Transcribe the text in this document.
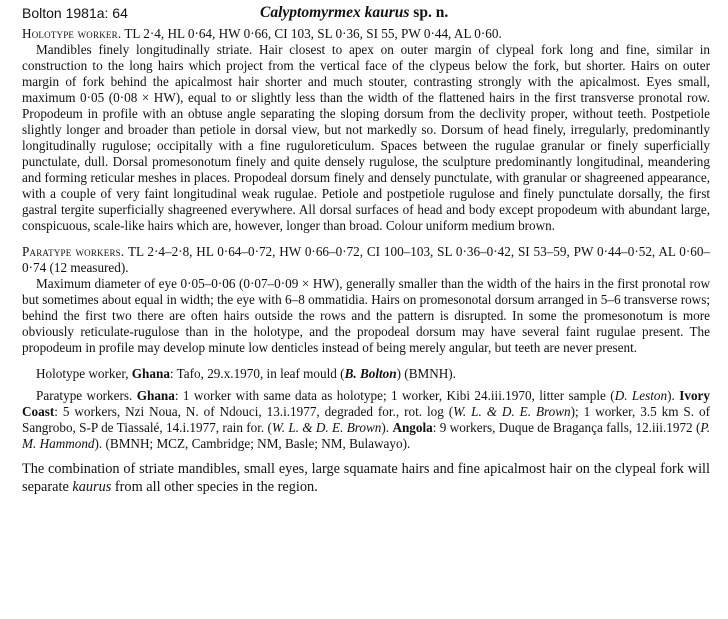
Bolton 1981a: 64	Calyptomyrmex kaurus sp. n.

Holotype worker. TL 2·4, HL 0·64, HW 0·66, CI 103, SL 0·36, SI 55, PW 0·44, AL 0·60.

Mandibles finely longitudinally striate. Hair closest to apex on outer margin of clypeal fork long and fine, similar in construction to the long hairs which project from the vertical face of the clypeus below the fork, but shorter. Hairs on outer margin of fork behind the apicalmost hair shorter and much stouter, contrasting strongly with the apicalmost. Eyes small, maximum 0·05 (0·08 × HW), equal to or slightly less than the width of the flattened hairs in the first transverse pronotal row. Propodeum in profile with an obtuse angle separating the sloping dorsum from the declivity proper, without teeth. Postpetiole slightly longer and broader than petiole in dorsal view, but not markedly so. Dorsum of head finely, irregularly, predominantly longitudinally rugulose; occipitally with a fine ruguloreticulum. Spaces between the rugulae granular or finely superficially punctulate, dull. Dorsal promesonotum finely and quite densely rugulose, the sculpture predominantly longitudinal, meandering and forming reticular meshes in places. Propodeal dorsum finely and densely punctulate, with granular or shagreened appearance, with a couple of very faint longitudinal weak rugulae. Petiole and postpetiole rugulose and finely punctulate dorsally, the first gastral tergite superficially shagreened everywhere. All dorsal surfaces of head and body except propodeum with abundant large, conspicuous, scale-like hairs which are, however, longer than broad. Colour uniform medium brown.

Paratype workers. TL 2·4–2·8, HL 0·64–0·72, HW 0·66–0·72, CI 100–103, SL 0·36–0·42, SI 53–59, PW 0·44–0·52, AL 0·60–0·74 (12 measured).

Maximum diameter of eye 0·05–0·06 (0·07–0·09 × HW), generally smaller than the width of the hairs in the first pronotal row but sometimes about equal in width; the eye with 6–8 ommatidia. Hairs on promesonotal dorsum arranged in 5–6 transverse rows; behind the first two there are often hairs outside the rows and the pattern is disrupted. In some the promesonotum is more obviously reticulate-rugulose than in the holotype, and the propodeal dorsum may have several faint rugulae present. The propodeum in profile may develop minute low denticles instead of being merely angular, but teeth are never present.

Holotype worker, Ghana: Tafo, 29.x.1970, in leaf mould (B. Bolton) (BMNH).

Paratype workers. Ghana: 1 worker with same data as holotype; 1 worker, Kibi 24.iii.1970, litter sample (D. Leston). Ivory Coast: 5 workers, Nzi Noua, N. of Ndouci, 13.i.1977, degraded for., rot. log (W. L. & D. E. Brown); 1 worker, 3.5 km S. of Sangrobo, S-P de Tiassalé, 14.i.1977, rain for. (W. L. & D. E. Brown). Angola: 9 workers, Duque de Bragança falls, 12.iii.1972 (P. M. Hammond). (BMNH; MCZ, Cambridge; NM, Basle; NM, Bulawayo).

The combination of striate mandibles, small eyes, large squamate hairs and fine apicalmost hair on the clypeal fork will separate kaurus from all other species in the region.
